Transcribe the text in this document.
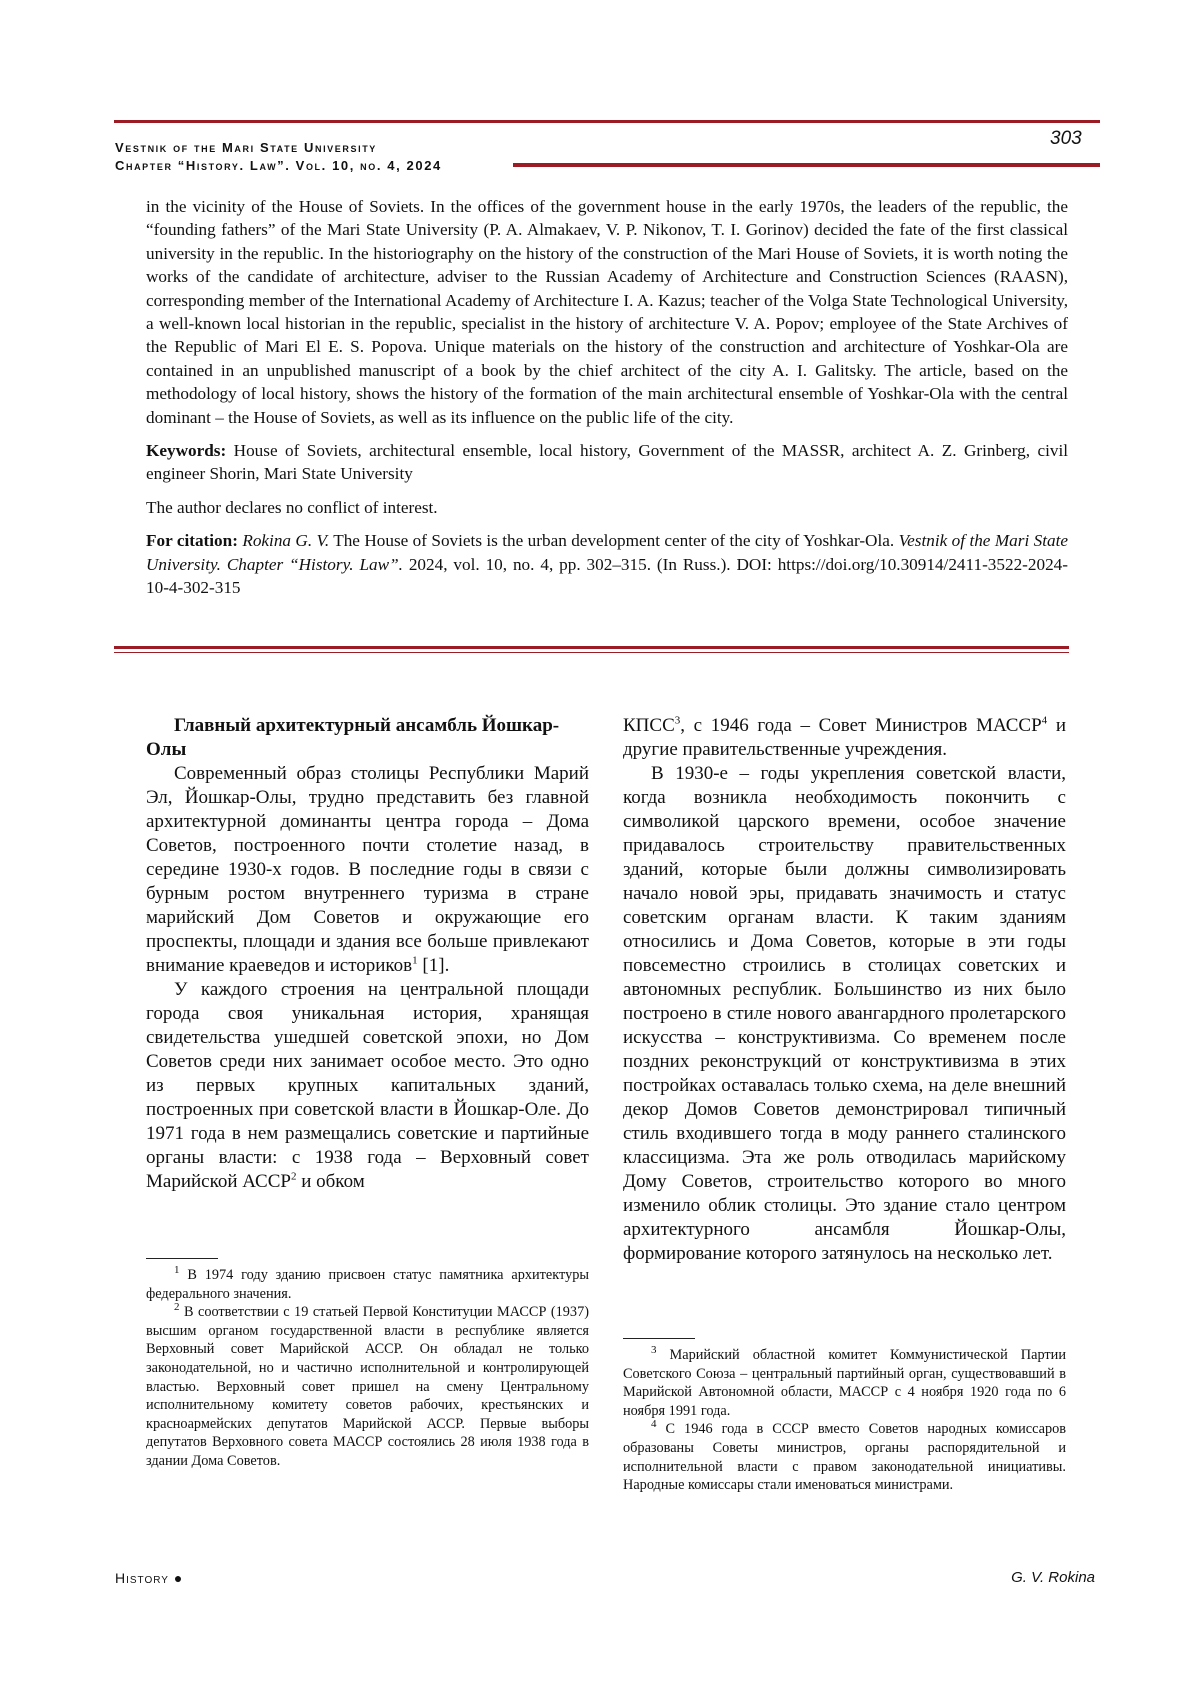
Vestnik of the Mari State University
Chapter “History. Law”. Vol. 10, no. 4, 2024
303

in the vicinity of the House of Soviets. In the offices of the government house in the early 1970s, the leaders of the republic, the “founding fathers” of the Mari State University (P. A. Almakaev, V. P. Nikonov, T. I. Gorinov) decided the fate of the first classical university in the republic. In the historiography on the history of the construction of the Mari House of Soviets, it is worth noting the works of the candidate of architecture, adviser to the Russian Academy of Architecture and Construction Sciences (RAASN), corresponding member of the International Academy of Architecture I. A. Kazus; teacher of the Volga State Technological University, a well-known local historian in the republic, specialist in the history of architecture V. A. Popov; employee of the State Archives of the Republic of Mari El E. S. Popova. Unique materials on the history of the construction and architecture of Yoshkar-Ola are contained in an unpublished manuscript of a book by the chief architect of the city A. I. Galitsky. The article, based on the methodology of local history, shows the history of the formation of the main architectural ensemble of Yoshkar-Ola with the central dominant – the House of Soviets, as well as its influence on the public life of the city.

Keywords: House of Soviets, architectural ensemble, local history, Government of the MASSR, architect A. Z. Grinberg, civil engineer Shorin, Mari State University

The author declares no conflict of interest.

For citation: Rokina G. V. The House of Soviets is the urban development center of the city of Yoshkar-Ola. Vestnik of the Mari State University. Chapter “History. Law”. 2024, vol. 10, no. 4, pp. 302–315. (In Russ.). DOI: https://doi.org/10.30914/2411-3522-2024-10-4-302-315

Главный архитектурный ансамбль Йошкар-Олы

Современный образ столицы Республики Марий Эл, Йошкар-Олы, трудно представить без главной архитектурной доминанты центра города – Дома Советов, построенного почти столетие назад, в середине 1930-х годов. В последние годы в связи с бурным ростом внутреннего туризма в стране марийский Дом Советов и окружающие его проспекты, площади и здания все больше привлекают внимание краеведов и историков$^1$ [1].

У каждого строения на центральной площади города своя уникальная история, хранящая свидетельства ушедшей советской эпохи, но Дом Советов среди них занимает особое место. Это одно из первых крупных капитальных зданий, построенных при советской власти в Йошкар-Оле. До 1971 года в нем размещались советские и партийные органы власти: с 1938 года – Верховный совет Марийской АССР$^2$ и обком

КПСС$^3$, с 1946 года – Совет Министров МАССР$^4$ и другие правительственные учреждения.

В 1930-е – годы укрепления советской власти, когда возникла необходимость покончить с символикой царского времени, особое значение придавалось строительству правительственных зданий, которые были должны символизировать начало новой эры, придавать значимость и статус советским органам власти. К таким зданиям относились и Дома Советов, которые в эти годы повсеместно строились в столицах советских и автономных республик. Большинство из них было построено в стиле нового авангардного пролетарского искусства – конструктивизма. Со временем после поздних реконструкций от конструктивизма в этих постройках оставалась только схема, на деле внешний декор Домов Советов демонстрировал типичный стиль входившего тогда в моду раннего сталинского классицизма. Эта же роль отводилась марийскому Дому Советов, строительство которого во много изменило облик столицы. Это здание стало центром архитектурного ансамбля Йошкар-Олы, формирование которого затянулось на несколько лет.

$^1$ В 1974 году зданию присвоен статус памятника архитектуры федерального значения.

$^2$ В соответствии с 19 статьей Первой Конституции МАССР (1937) высшим органом государственной власти в республике является Верховный совет Марийской АССР. Он обладал не только законодательной, но и частично исполнительной и контролирующей властью. Верховный совет пришел на смену Центральному исполнительному комитету советов рабочих, крестьянских и красноармейских депутатов Марийской АССР. Первые выборы депутатов Верховного совета МАССР состоялись 28 июля 1938 года в здании Дома Советов.

$^3$ Марийский областной комитет Коммунистической Партии Советского Союза – центральный партийный орган, существовавший в Марийской Автономной области, МАССР с 4 ноября 1920 года по 6 ноября 1991 года.

$^4$ С 1946 года в СССР вместо Советов народных комиссаров образованы Советы министров, органы распорядительной и исполнительной власти с правом законодательной инициативы. Народные комиссары стали именоваться министрами.

History ●	G. V. Rokina
